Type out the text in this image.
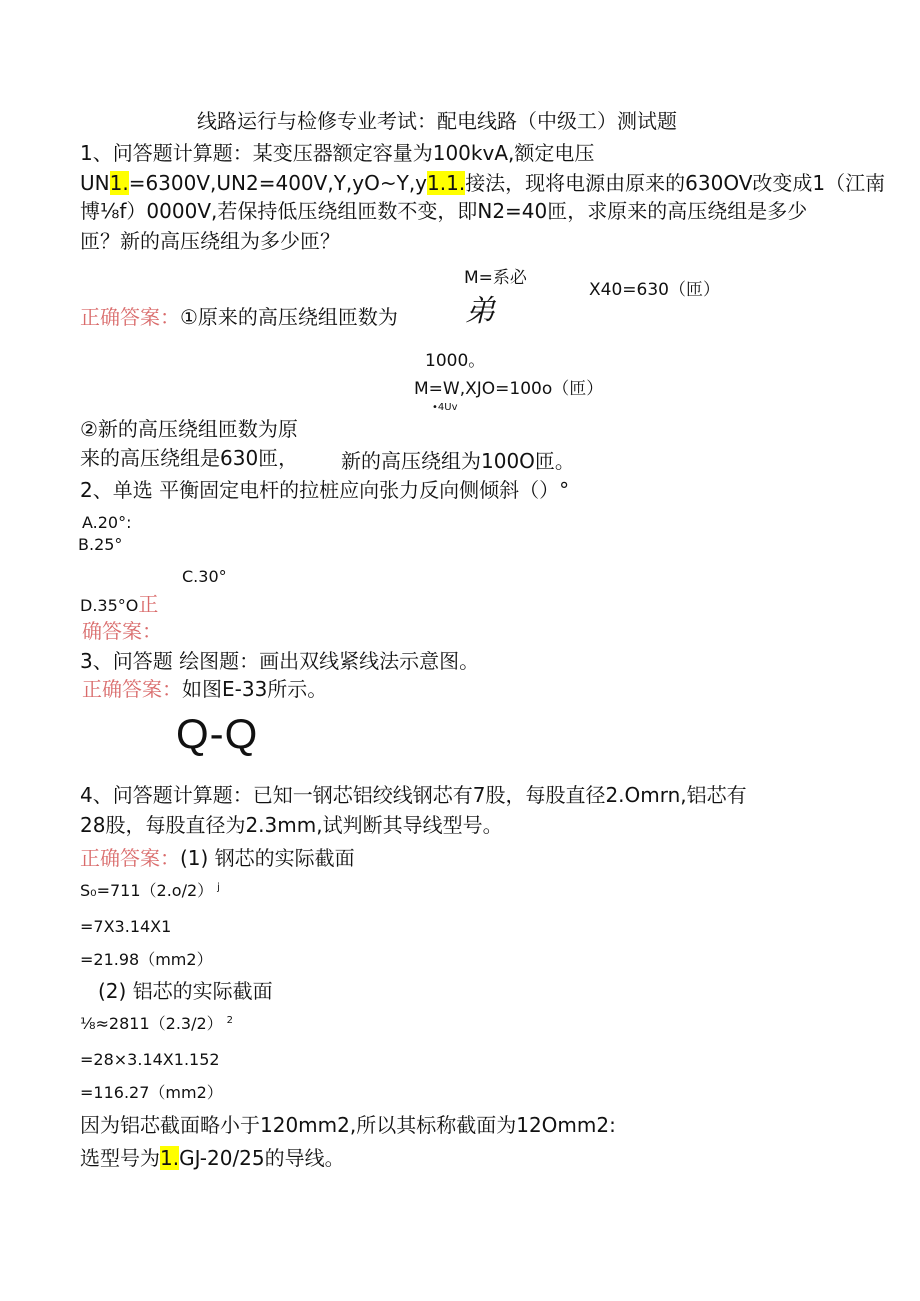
线路运行与检修专业考试：配电线路（中级工）测试题
1、问答题计算题：某变压器额定容量为100kvA,额定电压
UN1.=6300V,UN2=400V,Y,yO~Y,y1.1.接法，现将电源由原来的630OV改变成1（江南
博⅛f）0000V,若保持低压绕组匝数不变，即N2=40匝，求原来的高压绕组是多少
匝？新的高压绕组为多少匝？
M=系必
X40=630（匝）
弟
正确答案：①原来的高压绕组匝数为
1000。
M=W,XJO=100o（匝）
•4Uv
②新的高压绕组匝数为原
来的高压绕组是630匝， 新的高压绕组为100O匝。
2、单选 平衡固定电杆的拉桩应向张力反向侧倾斜（）°
A.20°:
B.25°
C.30°
D.35°O正
确答案：
3、问答题 绘图题：画出双线紧线法示意图。
正确答案：如图E-33所示。
Q-Q
4、问答题计算题：已知一钢芯铝绞线钢芯有7股，每股直径2.Omrn,铝芯有
28股，每股直径为2.3mm,试判断其导线型号。
正确答案：(1) 钢芯的实际截面
S₀=711（2.o∕2） $^j$
=7X3.14X1
=21.98（mm2）
(2) 铝芯的实际截面
⅛≈2811（2.3/2） $^2$
=28×3.14X1.152
=116.27（mm2）
因为铝芯截面略小于120mm2,所以其标称截面为12Omm2:
选型号为1.GJ-20/25的导线。
